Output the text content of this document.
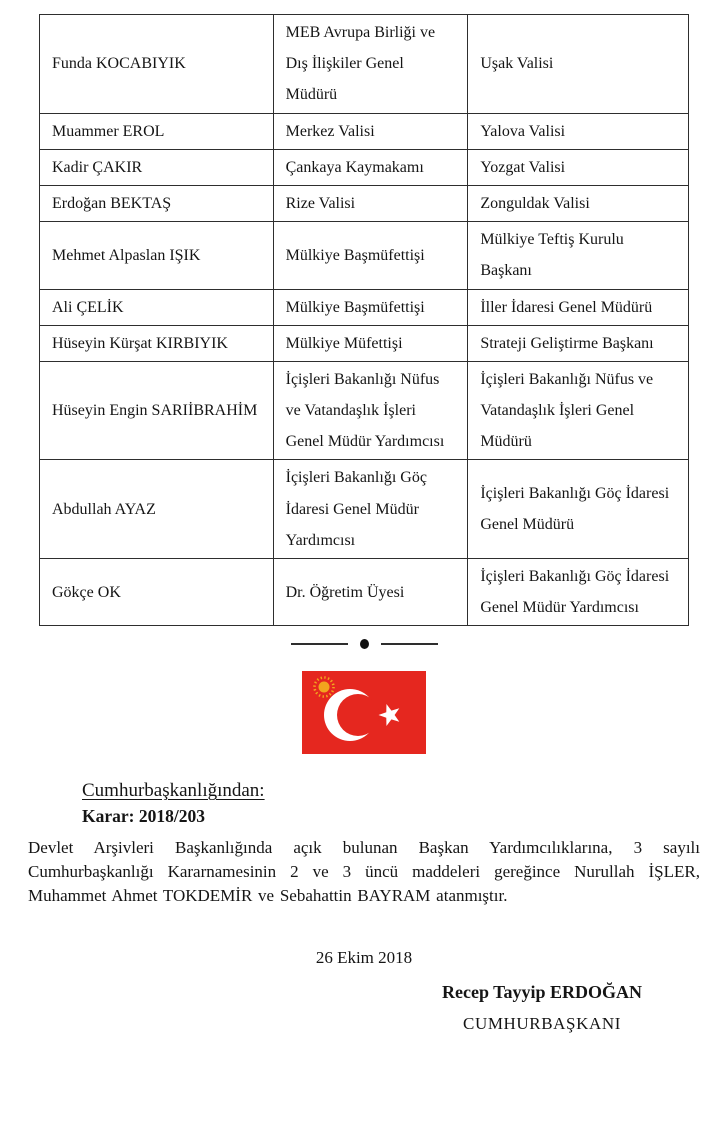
Funda KOCABIYIK	MEB Avrupa Birliği ve Dış İlişkiler Genel Müdürü	Uşak Valisi
Muammer EROL	Merkez Valisi	Yalova Valisi
Kadir ÇAKIR	Çankaya Kaymakamı	Yozgat Valisi
Erdoğan BEKTAŞ	Rize Valisi	Zonguldak Valisi
Mehmet Alpaslan IŞIK	Mülkiye Başmüfettişi	Mülkiye Teftiş Kurulu Başkanı
Ali ÇELİK	Mülkiye Başmüfettişi	İller İdaresi Genel Müdürü
Hüseyin Kürşat KIRBIYIK	Mülkiye Müfettişi	Strateji Geliştirme Başkanı
Hüseyin Engin SARIİBRAHİM	İçişleri Bakanlığı Nüfus ve Vatandaşlık İşleri Genel Müdür Yardımcısı	İçişleri Bakanlığı Nüfus ve Vatandaşlık İşleri Genel Müdürü
Abdullah AYAZ	İçişleri Bakanlığı Göç İdaresi Genel Müdür Yardımcısı	İçişleri Bakanlığı Göç İdaresi Genel Müdürü
Gökçe OK	Dr. Öğretim Üyesi	İçişleri Bakanlığı Göç İdaresi Genel Müdür Yardımcısı
Cumhurbaşkanlığından:
Karar: 2018/203

Devlet Arşivleri Başkanlığında açık bulunan Başkan Yardımcılıklarına, 3 sayılı Cumhurbaşkanlığı Kararnamesinin 2 ve 3 üncü maddeleri gereğince Nurullah İŞLER, Muhammet Ahmet TOKDEMİR ve Sebahattin BAYRAM atanmıştır.

26 Ekim 2018
Recep Tayyip ERDOĞAN
CUMHURBAŞKANI
